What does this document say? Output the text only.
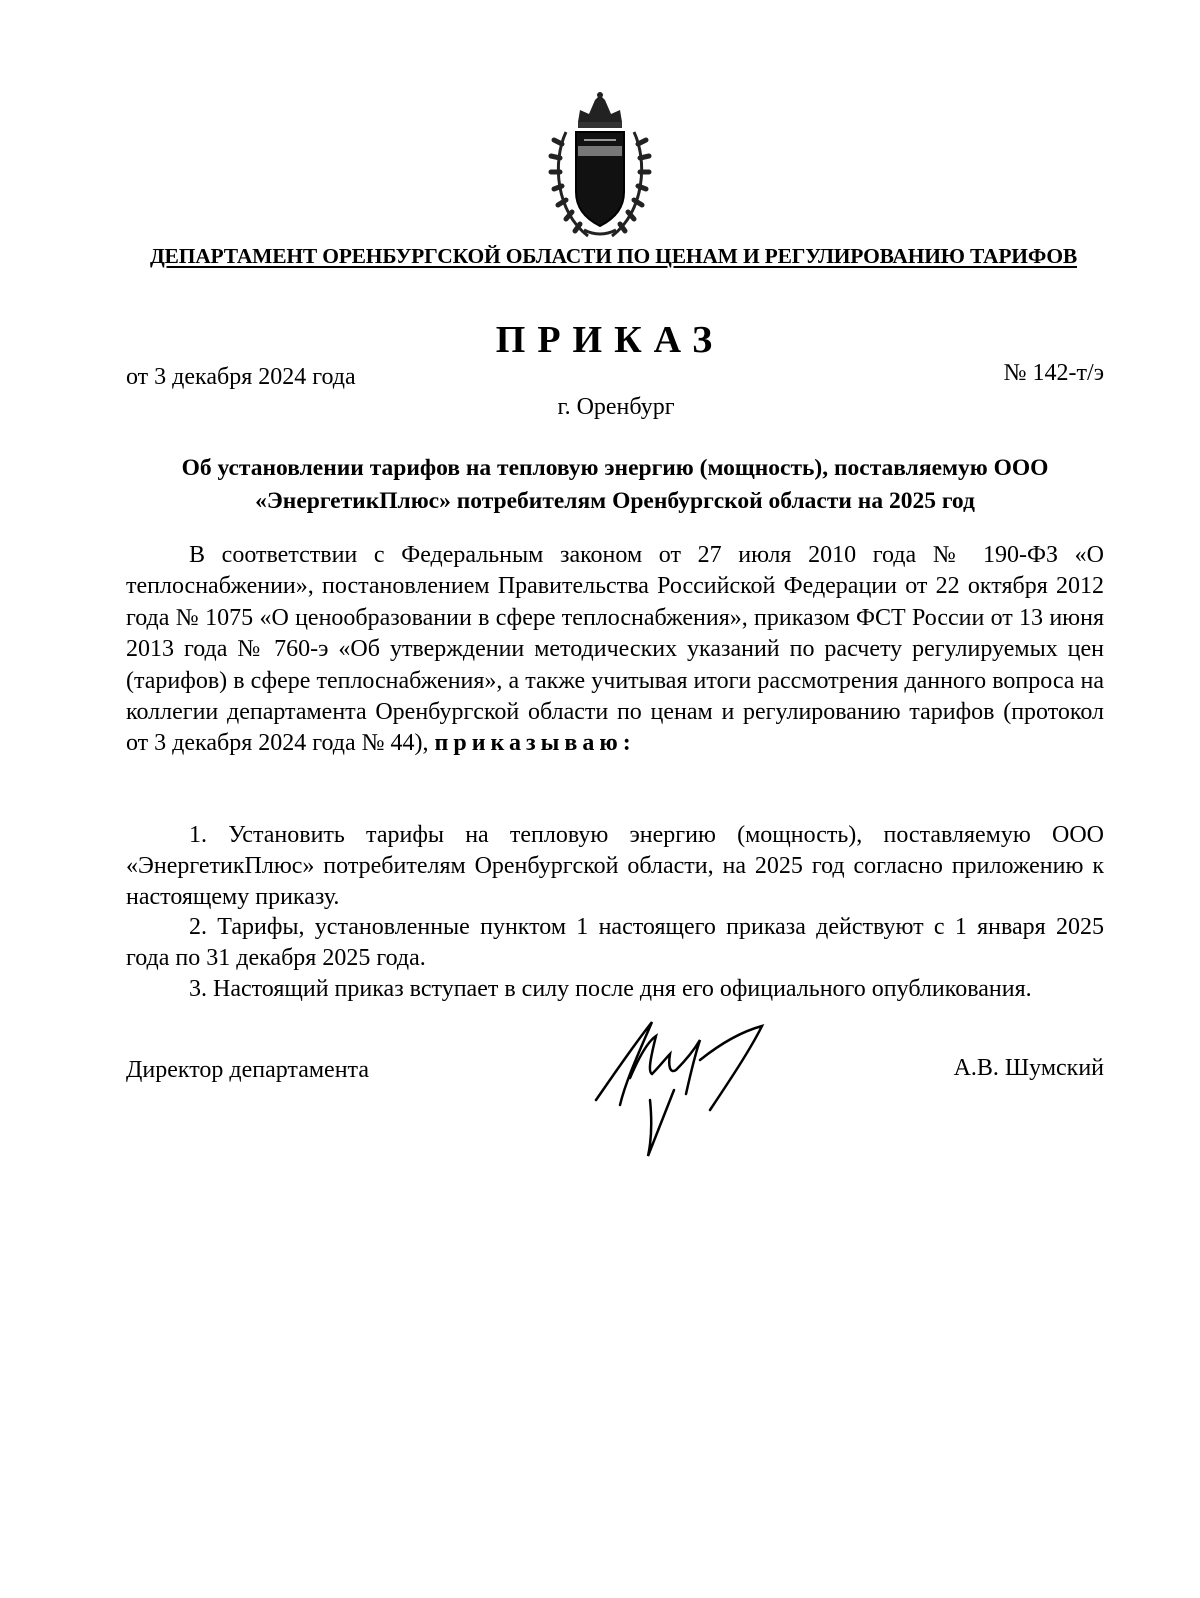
ДЕПАРТАМЕНТ ОРЕНБУРГСКОЙ ОБЛАСТИ ПО ЦЕНАМ И РЕГУЛИРОВАНИЮ ТАРИФОВ
ПРИКАЗ
от 3 декабря 2024 года	№ 142-т/э
г. Оренбург
Об установлении тарифов на тепловую энергию (мощность), поставляемую ООО «ЭнергетикПлюс» потребителям Оренбургской области на 2025 год
В соответствии с Федеральным законом от 27 июля 2010 года № 190-ФЗ «О теплоснабжении», постановлением Правительства Российской Федерации от 22 октября 2012 года № 1075 «О ценообразовании в сфере теплоснабжения», приказом ФСТ России от 13 июня 2013 года № 760-э «Об утверждении методических указаний по расчету регулируемых цен (тарифов) в сфере теплоснабжения», а также учитывая итоги рассмотрения данного вопроса на коллегии департамента Оренбургской области по ценам и регулированию тарифов (протокол от 3 декабря 2024 года № 44), приказываю:
1. Установить тарифы на тепловую энергию (мощность), поставляемую ООО «ЭнергетикПлюс» потребителям Оренбургской области, на 2025 год согласно приложению к настоящему приказу.
2. Тарифы, установленные пунктом 1 настоящего приказа действуют с 1 января 2025 года по 31 декабря 2025 года.
3. Настоящий приказ вступает в силу после дня его официального опубликования.
Директор департамента	А.В. Шумский
